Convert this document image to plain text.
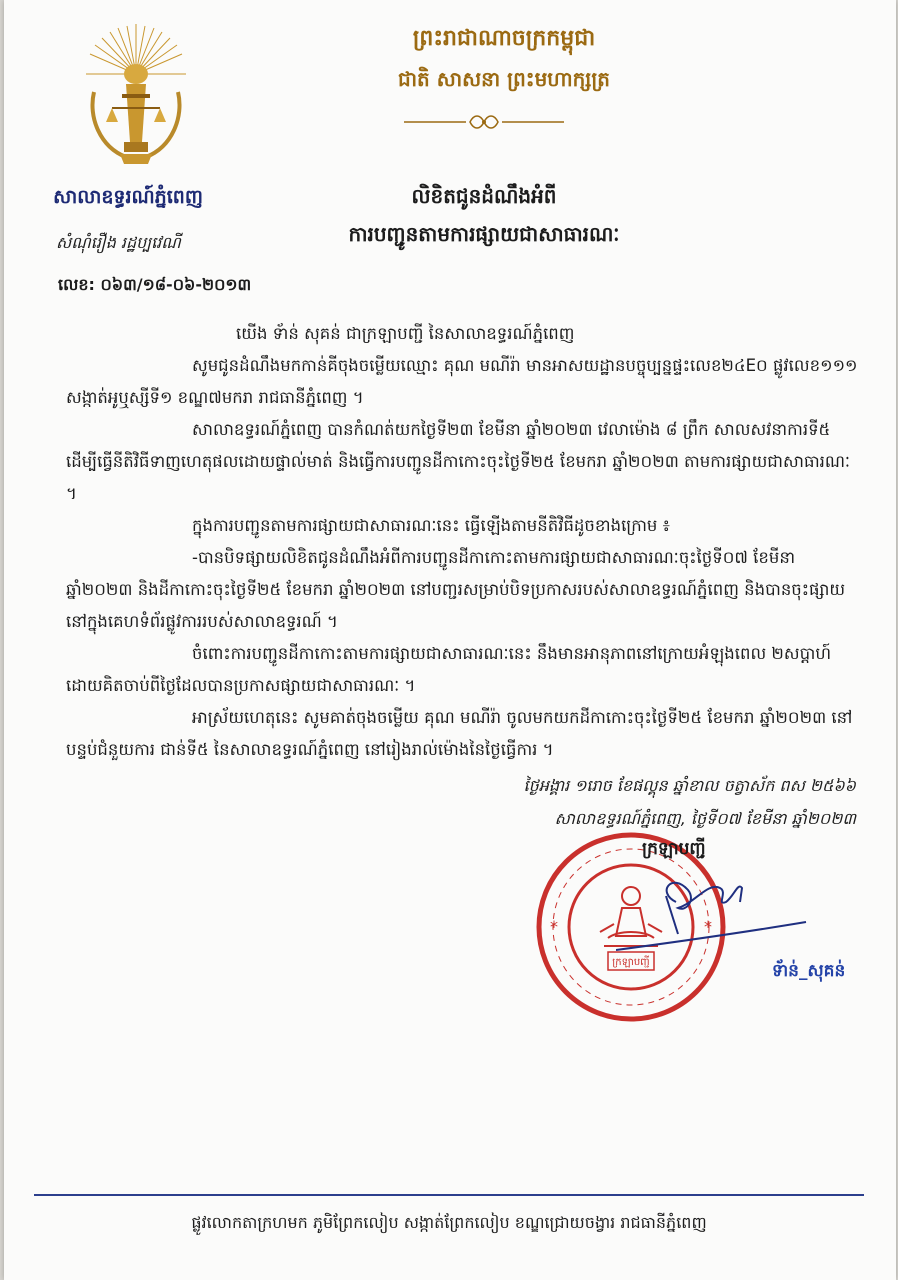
សាលាឧទ្ធរណ៍ភ្នំពេញ
សំណុំរឿង រដ្ឋប្បវេណី
លេខ: ០៦៣/១៨-០៦-២០១៣
ព្រះរាជាណាចក្រកម្ពុជា
ជាតិ សាសនា ព្រះមហាក្សត្រ
លិខិតជូនដំណឹងអំពី
ការបញ្ជូនតាមការផ្សាយជាសាធារណៈ

យើង ទ័ាន់ សុគន់ ជាក្រឡាបញ្ជី នៃសាលាឧទ្ធរណ៍ភ្នំពេញ

សូមជូនដំណឹងមកកាន់គីចុងចម្លើយឈ្មោះ គុណ មណីរ៉ា មានអាសយដ្ឋានបច្ចុប្បន្នផ្ទះលេខ២៤E០ ផ្លូវលេខ១១១ សង្កាត់អូឬស្សីទី១ ខណ្ឌ៧មករា រាជធានីភ្នំពេញ ។

សាលាឧទ្ធរណ៍ភ្នំពេញ បានកំណត់យកថ្ងៃទី២៣ ខែមីនា ឆ្នាំ២០២៣ វេលាម៉ោង ៨ ព្រឹក សាលសវនាការទី៥ ដើម្បីធ្វើនីតិវិធីទាញហេតុផលដោយផ្ទាល់មាត់ និងធ្វើការបញ្ជូនដីកាកោះចុះថ្ងៃទី២៥ ខែមករា ឆ្នាំ២០២៣ តាមការផ្សាយជាសាធារណៈ ។

ក្នុងការបញ្ជូនតាមការផ្សាយជាសាធារណៈនេះ ធ្វើឡើងតាមនីតិវិធីដូចខាងក្រោម ៖

-បានបិទផ្សាយលិខិតជូនដំណឹងអំពីការបញ្ជូនដីកាកោះតាមការផ្សាយជាសាធារណៈចុះថ្ងៃទី០៧ ខែមីនា ឆ្នាំ២០២៣ និងដីកាកោះចុះថ្ងៃទី២៥ ខែមករា ឆ្នាំ២០២៣ នៅបញ្ជរសម្រាប់បិទប្រកាសរបស់សាលាឧទ្ធរណ៍ភ្នំពេញ និងបានចុះផ្សាយនៅក្នុងគេហទំព័រផ្លូវការរបស់សាលាឧទ្ធរណ៍ ។

ចំពោះការបញ្ជូនដីកាកោះតាមការផ្សាយជាសាធារណៈនេះ នឹងមានអានុភាពនៅក្រោយអំឡុងពេល ២សប្តាហ៍ ដោយគិតចាប់ពីថ្ងៃដែលបានប្រកាសផ្សាយជាសាធារណៈ ។

អាស្រ័យហេតុនេះ សូមគាត់ចុងចម្លើយ គុណ មណីរ៉ា ចូលមកយកដីកាកោះចុះថ្ងៃទី២៥ ខែមករា ឆ្នាំ២០២៣ នៅបន្ទប់ជំនួយការ ជាន់ទី៥ នៃសាលាឧទ្ធរណ៍ភ្នំពេញ នៅរៀងរាល់ម៉ោងនៃថ្ងៃធ្វើការ ។

ថ្ងៃអង្គារ ១រោច ខែផល្គុន ឆ្នាំខាល ចត្វាស័ក ពស ២៥៦៦
សាលាឧទ្ធរណ៍ភ្នំពេញ, ថ្ងៃទី០៧ ខែមីនា ឆ្នាំ២០២៣
*	*
ក្រឡាបញ្ជី
ក្រឡាបញ្ជី
ទ័ាន់_សុគន់
ផ្លូវលោកតាក្រហមក ភូមិព្រែកលៀប សង្កាត់ព្រែកលៀប ខណ្ឌជ្រោយចង្វារ រាជធានីភ្នំពេញ
